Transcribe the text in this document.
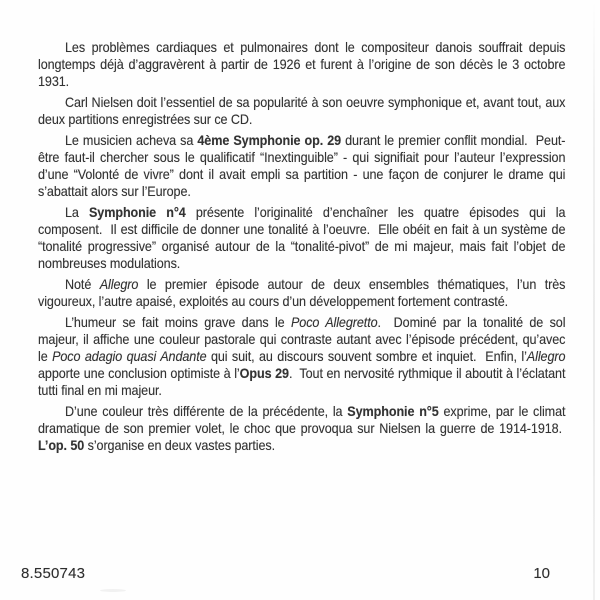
Les problèmes cardiaques et pulmonaires dont le compositeur danois souffrait depuis longtemps déjà d’aggravèrent à partir de 1926 et furent à l’origine de son décès le 3 octobre 1931.

Carl Nielsen doit l’essentiel de sa popularité à son oeuvre symphonique et, avant tout, aux deux partitions enregistrées sur ce CD.

Le musicien acheva sa 4ème Symphonie op. 29 durant le premier conflit mondial.  Peut-être faut-il chercher sous le qualificatif “Inextinguible” - qui signifiait pour l’auteur l’expression d’une “Volonté de vivre” dont il avait empli sa partition - une façon de conjurer le drame qui s’abattait alors sur l’Europe.

La Symphonie n°4 présente l’originalité d’enchaîner les quatre épisodes qui la composent.  Il est difficile de donner une tonalité à l’oeuvre.  Elle obéit en fait à un système de “tonalité progressive” organisé autour de la “tonalité-pivot” de mi majeur, mais fait l’objet de nombreuses modulations.

Noté Allegro le premier épisode autour de deux ensembles thématiques, l’un très vigoureux, l’autre apaisé, exploités au cours d’un développement fortement contrasté.

L’humeur se fait moins grave dans le Poco Allegretto.  Dominé par la tonalité de sol majeur, il affiche une couleur pastorale qui contraste autant avec l’épisode précédent, qu’avec le Poco adagio quasi Andante qui suit, au discours souvent sombre et inquiet.  Enfin, l’Allegro apporte une conclusion optimiste à l’Opus 29.  Tout en nervosité rythmique il aboutit à l’éclatant tutti final en mi majeur.

D’une couleur très différente de la précédente, la Symphonie n°5 exprime, par le climat dramatique de son premier volet, le choc que provoqua sur Nielsen la guerre de 1914-1918.  L’op. 50 s’organise en deux vastes parties.

8.550743	10
